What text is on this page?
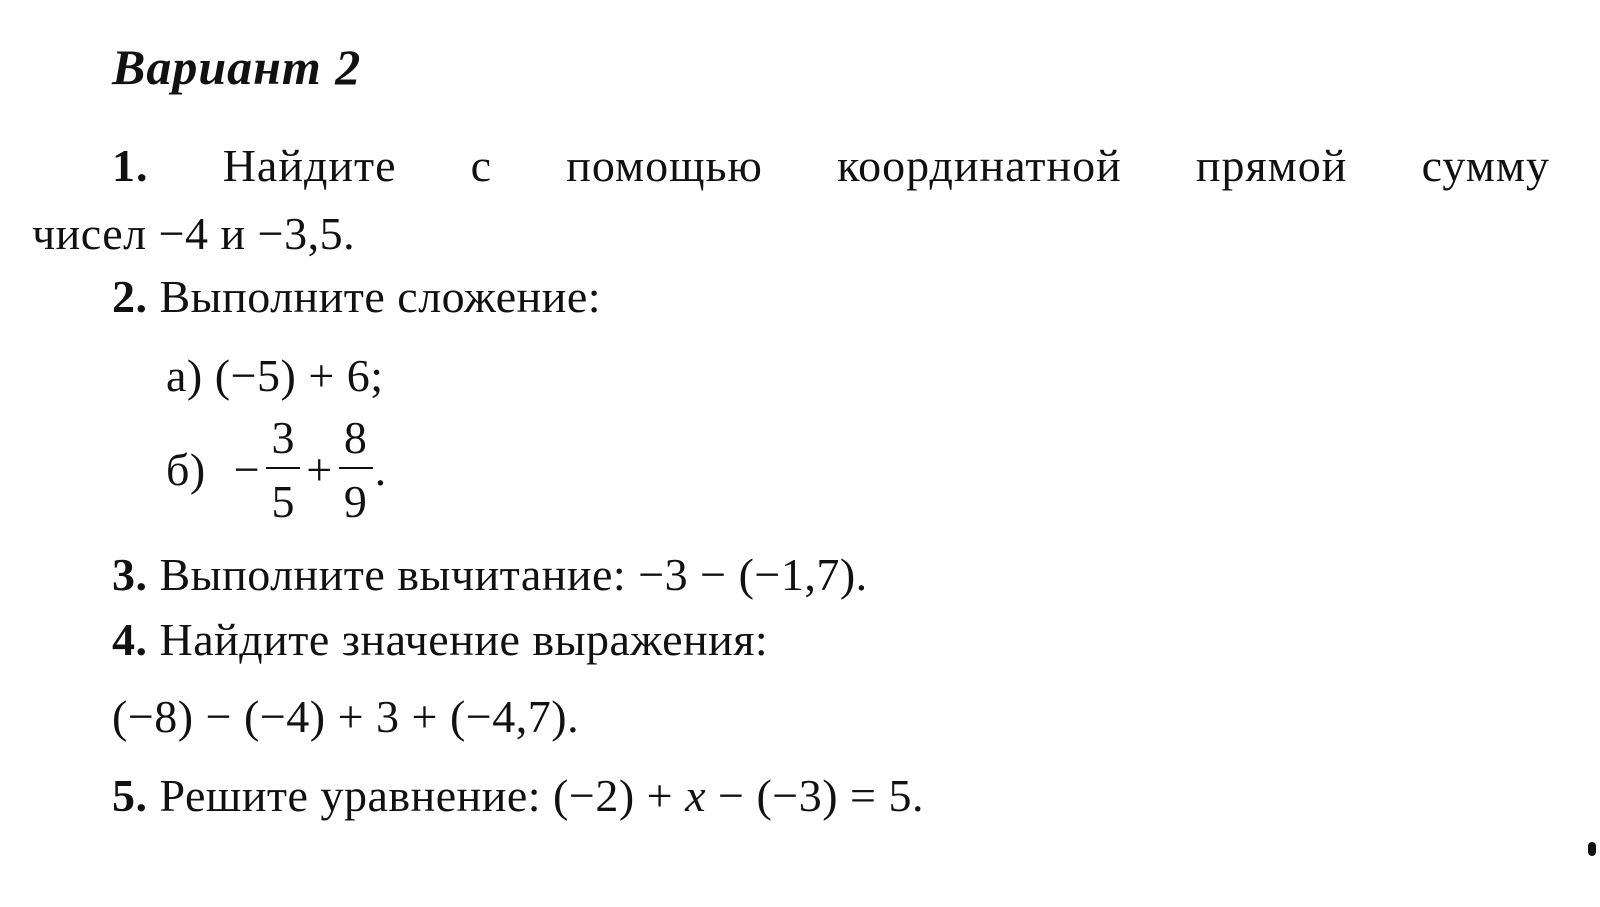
Вариант 2
1. Найдите с помощью координатной прямой сумму
чисел −4 и −3,5.
2. Выполните сложение:
а) (−5) + 6;
$б) - \frac{3}{5} + \frac{8}{9}$ .
3. Выполните вычитание: −3 − (−1,7).
4. Найдите значение выражения:
(−8) − (−4) + 3 + (−4,7).
5. Решите уравнение: (−2) + x − (−3) = 5.
